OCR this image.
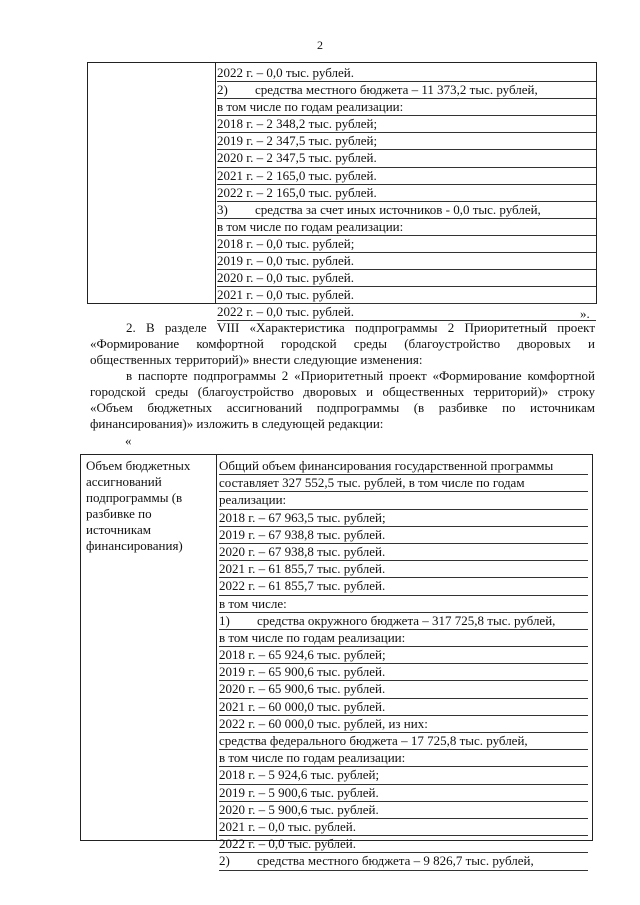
2
2022 г. – 0,0 тыс. рублей.
2) средства местного бюджета – 11 373,2 тыс. рублей,
в том числе по годам реализации:
2018 г. – 2 348,2 тыс. рублей;
2019 г. – 2 347,5 тыс. рублей;
2020 г. – 2 347,5 тыс. рублей.
2021 г. – 2 165,0 тыс. рублей.
2022 г. – 2 165,0 тыс. рублей.
3) средства за счет иных источников - 0,0 тыс. рублей,
в том числе по годам реализации:
2018 г. – 0,0 тыс. рублей;
2019 г. – 0,0 тыс. рублей.
2020 г. – 0,0 тыс. рублей.
2021 г. – 0,0 тыс. рублей.
2022 г. – 0,0 тыс. рублей.	».

2. В разделе VIII «Характеристика подпрограммы 2 Приоритетный проект «Формирование комфортной городской среды (благоустройство дворовых и общественных территорий)» внести следующие изменения:

в паспорте подпрограммы 2 «Приоритетный проект «Формирование комфортной городской среды (благоустройство дворовых и общественных территорий)» строку «Объем бюджетных ассигнований подпрограммы (в разбивке по источникам финансирования)» изложить в следующей редакции:

«
Объем бюджетных ассигнований подпрограммы (в разбивке по источникам финансирования)
Общий объем финансирования государственной программы
составляет 327 552,5 тыс. рублей, в том числе по годам
реализации:
2018 г. – 67 963,5 тыс. рублей;
2019 г. – 67 938,8 тыс. рублей.
2020 г. – 67 938,8 тыс. рублей.
2021 г. – 61 855,7 тыс. рублей.
2022 г. – 61 855,7 тыс. рублей.
в том числе:
1) средства окружного бюджета – 317 725,8 тыс. рублей,
в том числе по годам реализации:
2018 г. – 65 924,6 тыс. рублей;
2019 г. – 65 900,6 тыс. рублей.
2020 г. – 65 900,6 тыс. рублей.
2021 г. – 60 000,0 тыс. рублей.
2022 г. – 60 000,0 тыс. рублей, из них:
средства федерального бюджета – 17 725,8 тыс. рублей,
в том числе по годам реализации:
2018 г. – 5 924,6 тыс. рублей;
2019 г. – 5 900,6 тыс. рублей.
2020 г. – 5 900,6 тыс. рублей.
2021 г. – 0,0 тыс. рублей.
2022 г. – 0,0 тыс. рублей.
2) средства местного бюджета – 9 826,7 тыс. рублей,
